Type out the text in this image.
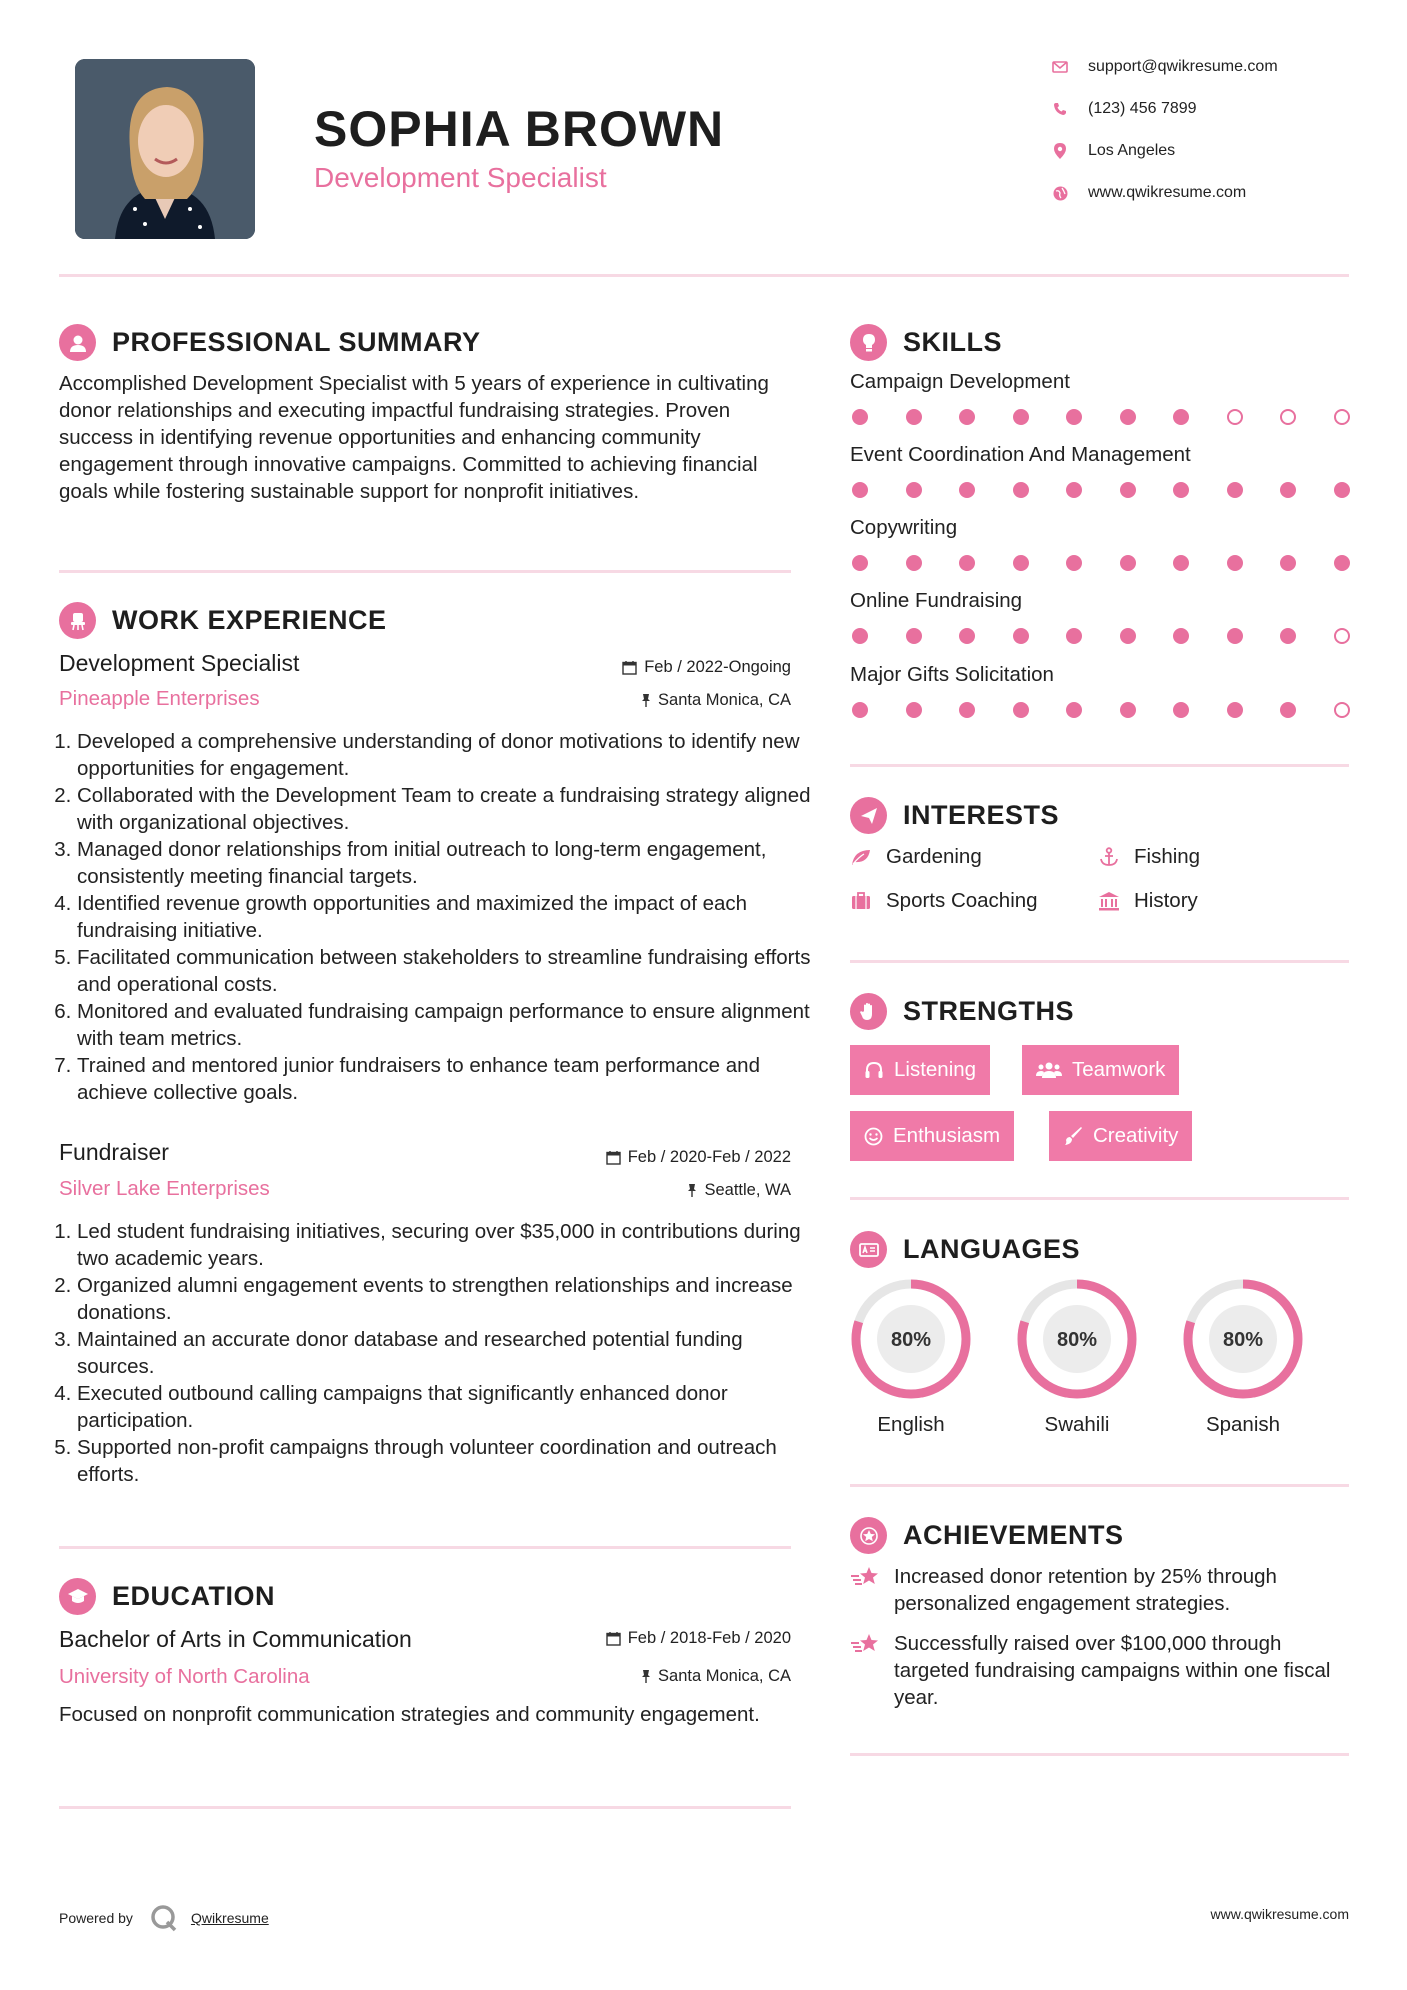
SOPHIA BROWN
Development Specialist
support@qwikresume.com
(123) 456 7899
Los Angeles
www.qwikresume.com
PROFESSIONAL SUMMARY
Accomplished Development Specialist with 5 years of experience in cultivating donor relationships and executing impactful fundraising strategies. Proven success in identifying revenue opportunities and enhancing community engagement through innovative campaigns. Committed to achieving financial goals while fostering sustainable support for nonprofit initiatives.
WORK EXPERIENCE
Development Specialist	Feb / 2022-Ongoing
Pineapple Enterprises	Santa Monica, CA
1. Developed a comprehensive understanding of donor motivations to identify new opportunities for engagement.
2. Collaborated with the Development Team to create a fundraising strategy aligned with organizational objectives.
3. Managed donor relationships from initial outreach to long-term engagement, consistently meeting financial targets.
4. Identified revenue growth opportunities and maximized the impact of each fundraising initiative.
5. Facilitated communication between stakeholders to streamline fundraising efforts and operational costs.
6. Monitored and evaluated fundraising campaign performance to ensure alignment with team metrics.
7. Trained and mentored junior fundraisers to enhance team performance and achieve collective goals.
Fundraiser	Feb / 2020-Feb / 2022
Silver Lake Enterprises	Seattle, WA
1. Led student fundraising initiatives, securing over $35,000 in contributions during two academic years.
2. Organized alumni engagement events to strengthen relationships and increase donations.
3. Maintained an accurate donor database and researched potential funding sources.
4. Executed outbound calling campaigns that significantly enhanced donor participation.
5. Supported non-profit campaigns through volunteer coordination and outreach efforts.
EDUCATION
Bachelor of Arts in Communication	Feb / 2018-Feb / 2020
University of North Carolina	Santa Monica, CA
Focused on nonprofit communication strategies and community engagement.
SKILLS
Campaign Development
Event Coordination And Management
Copywriting
Online Fundraising
Major Gifts Solicitation
INTERESTS
Gardening	Fishing
Sports Coaching	History
STRENGTHS
Listening	Teamwork
Enthusiasm	Creativity
LANGUAGES
80%
English
80%
Swahili
80%
Spanish
ACHIEVEMENTS
Increased donor retention by 25% through personalized engagement strategies.
Successfully raised over $100,000 through targeted fundraising campaigns within one fiscal year.
Powered by	Qwikresume	www.qwikresume.com
